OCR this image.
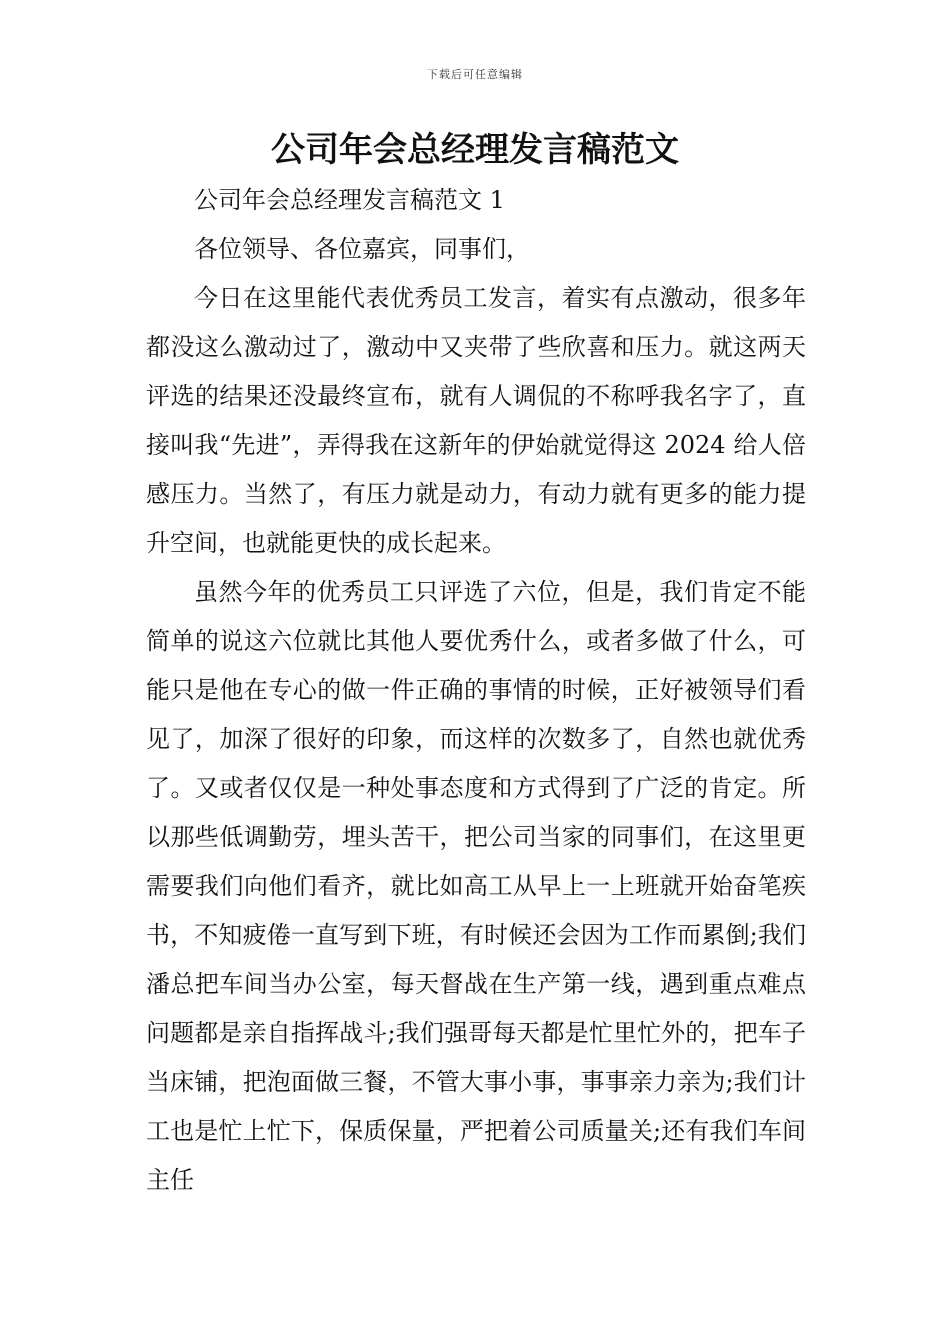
下载后可任意编辑
公司年会总经理发言稿范文

公司年会总经理发言稿范文 1

各位领导、各位嘉宾，同事们，

今日在这里能代表优秀员工发言，着实有点激动，很多年都没这么激动过了，激动中又夹带了些欣喜和压力。就这两天评选的结果还没最终宣布，就有人调侃的不称呼我名字了，直接叫我“先进”，弄得我在这新年的伊始就觉得这 2024 给人倍感压力。当然了，有压力就是动力，有动力就有更多的能力提升空间，也就能更快的成长起来。

虽然今年的优秀员工只评选了六位，但是，我们肯定不能简单的说这六位就比其他人要优秀什么，或者多做了什么，可能只是他在专心的做一件正确的事情的时候，正好被领导们看见了，加深了很好的印象，而这样的次数多了，自然也就优秀了。又或者仅仅是一种处事态度和方式得到了广泛的肯定。所以那些低调勤劳，埋头苦干，把公司当家的同事们，在这里更需要我们向他们看齐，就比如高工从早上一上班就开始奋笔疾书，不知疲倦一直写到下班，有时候还会因为工作而累倒;我们潘总把车间当办公室，每天督战在生产第一线，遇到重点难点问题都是亲自指挥战斗;我们强哥每天都是忙里忙外的，把车子当床铺，把泡面做三餐，不管大事小事，事事亲力亲为;我们计工也是忙上忙下，保质保量，严把着公司质量关;还有我们车间主任
